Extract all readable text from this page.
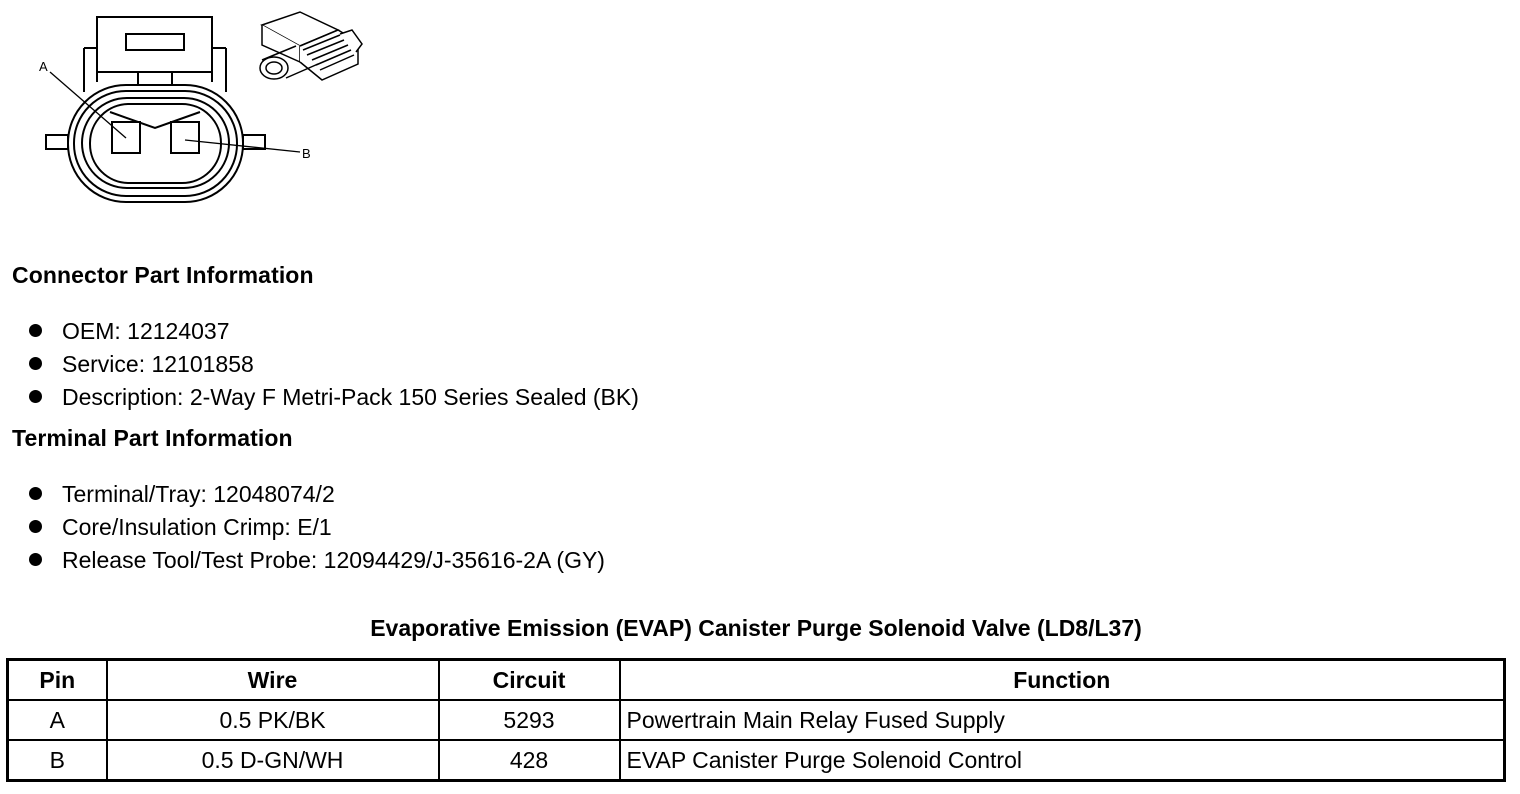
A
B
Connector Part Information
OEM: 12124037
Service: 12101858
Description: 2-Way F Metri-Pack 150 Series Sealed (BK)
Terminal Part Information
Terminal/Tray: 12048074/2
Core/Insulation Crimp: E/1
Release Tool/Test Probe: 12094429/J-35616-2A (GY)
Evaporative Emission (EVAP) Canister Purge Solenoid Valve (LD8/L37)
Pin	Wire	Circuit	Function
A	0.5 PK/BK	5293	Powertrain Main Relay Fused Supply
B	0.5 D-GN/WH	428	EVAP Canister Purge Solenoid Control
